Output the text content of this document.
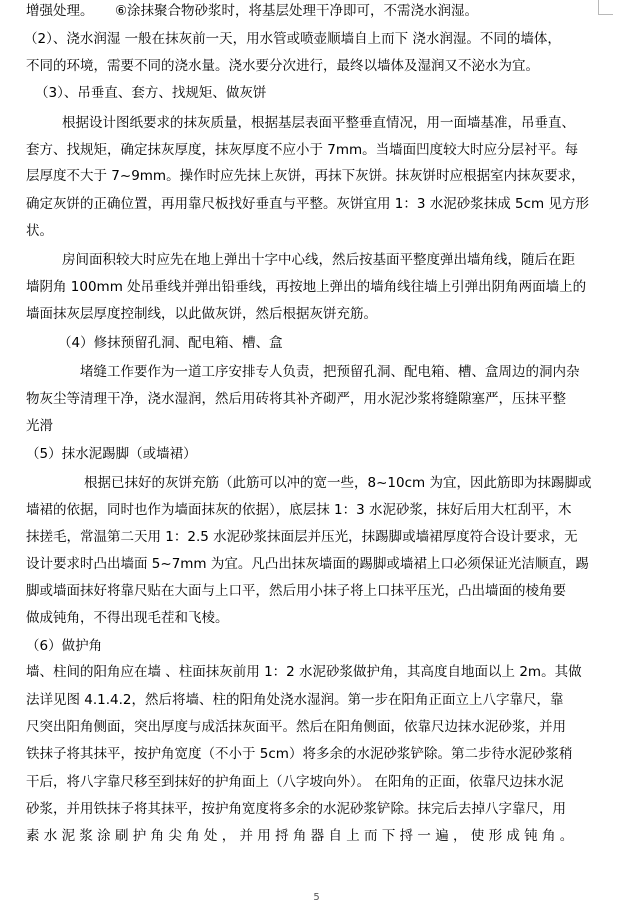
增强处理。     ⑥涂抹聚合物砂浆时，将基层处理干净即可，不需浇水润湿。
（2）、浇水润湿 一般在抹灰前一天，用水管或喷壶顺墙自上而下 浇水润湿。不同的墙体，
不同的环境，需要不同的浇水量。浇水要分次进行，最终以墙体及湿润又不泌水为宜。
（3）、吊垂直、套方、找规矩、做灰饼
根据设计图纸要求的抹灰质量，根据基层表面平整垂直情况，用一面墙基准，吊垂直、
套方、找规矩，确定抹灰厚度，抹灰厚度不应小于 7mm。当墙面凹度较大时应分层衬平。每
层厚度不大于 7~9mm。操作时应先抹上灰饼，再抹下灰饼。抹灰饼时应根据室内抹灰要求，
确定灰饼的正确位置，再用靠尺板找好垂直与平整。灰饼宜用 1：3 水泥砂浆抹成 5cm 见方形
状。
房间面积较大时应先在地上弹出十字中心线，然后按基面平整度弹出墙角线，随后在距
墙阴角 100mm 处吊垂线并弹出铅垂线，再按地上弹出的墙角线往墙上引弹出阴角两面墙上的
墙面抹灰层厚度控制线，以此做灰饼，然后根据灰饼充筋。
（4）修抹预留孔洞、配电箱、槽、盒
堵缝工作要作为一道工序安排专人负责，把预留孔洞、配电箱、槽、盒周边的洞内杂
物灰尘等清理干净，浇水湿润，然后用砖将其补齐砌严，用水泥沙浆将缝隙塞严，压抹平整
光滑
（5）抹水泥踢脚（或墙裙）
根据已抹好的灰饼充筋（此筋可以冲的宽一些，8~10cm 为宜，因此筋即为抹踢脚或
墙裙的依据，同时也作为墙面抹灰的依据），底层抹 1：3 水泥砂浆，抹好后用大杠刮平，木
抹搓毛，常温第二天用 1：2.5 水泥砂浆抹面层并压光，抹踢脚或墙裙厚度符合设计要求，无
设计要求时凸出墙面 5~7mm 为宜。凡凸出抹灰墙面的踢脚或墙裙上口必须保证光洁顺直，踢
脚或墙面抹好将靠尺贴在大面与上口平，然后用小抹子将上口抹平压光，凸出墙面的棱角要
做成钝角，不得出现毛茬和飞棱。
（6）做护角
墙、柱间的阳角应在墙 、柱面抹灰前用 1：2 水泥砂浆做护角，其高度自地面以上 2m。其做
法详见图 4.1.4.2，然后将墙、柱的阳角处浇水湿润。第一步在阳角正面立上八字靠尺，靠
尺突出阳角侧面，突出厚度与成活抹灰面平。然后在阳角侧面，依靠尺边抹水泥砂浆，并用
铁抹子将其抹平，按护角宽度（不小于 5cm）将多余的水泥砂浆铲除。第二步待水泥砂浆稍
干后，将八字靠尺移至到抹好的护角面上（八字坡向外）。 在阳角的正面，依靠尺边抹水泥
砂浆，并用铁抹子将其抹平，按护角宽度将多余的水泥砂浆铲除。抹完后去掉八字靠尺，用
素 水 泥 浆 涂 刷 护 角 尖 角 处 ， 并 用 捋 角 器 自 上 而 下 捋 一 遍 ， 使 形 成 钝 角 。
5
